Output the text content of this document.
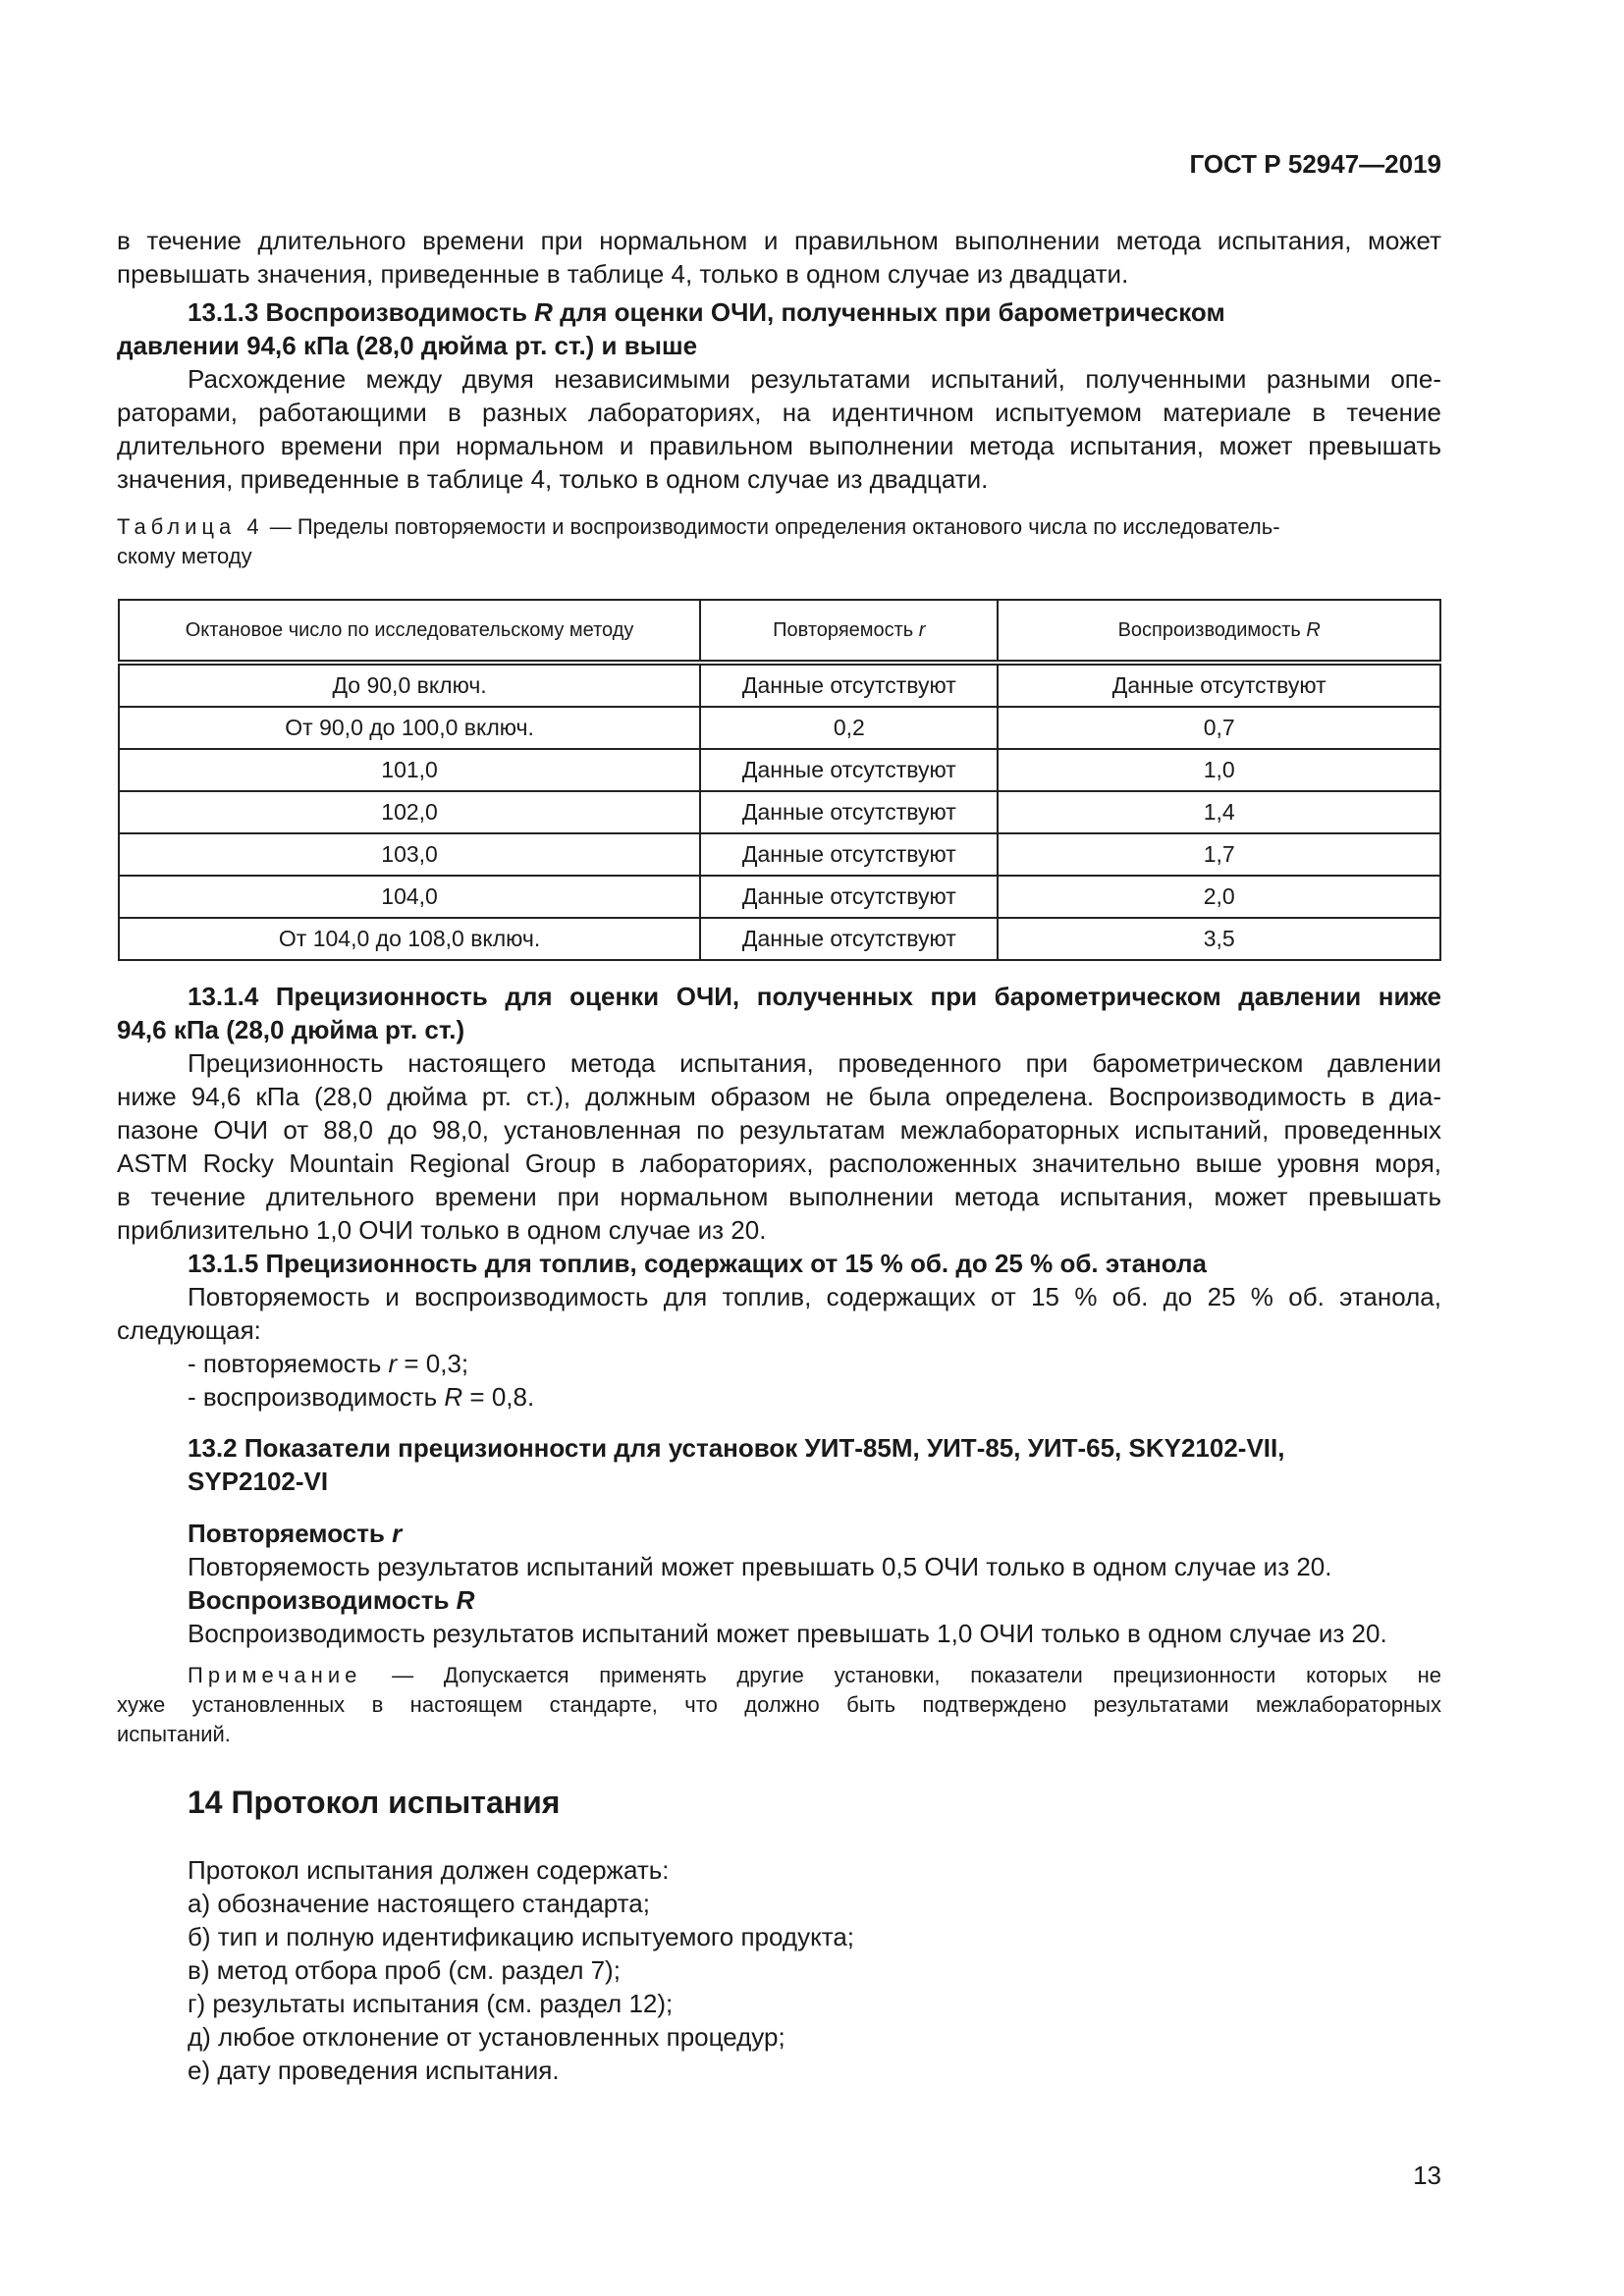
ГОСТ Р 52947—2019
в течение длительного времени при нормальном и правильном выполнении метода испытания, может
превышать значения, приведенные в таблице 4, только в одном случае из двадцати.
13.1.3 Воспроизводимость R для оценки ОЧИ, полученных при барометрическом
давлении 94,6 кПа (28,0 дюйма рт. ст.) и выше
Расхождение между двумя независимыми результатами испытаний, полученными разными опе-
раторами, работающими в разных лабораториях, на идентичном испытуемом материале в течение
длительного времени при нормальном и правильном выполнении метода испытания, может превышать
значения, приведенные в таблице 4, только в одном случае из двадцати.
Таблица 4 — Пределы повторяемости и воспроизводимости определения октанового числа по исследователь-
скому методу
Октановое число по исследовательскому методу	Повторяемость r	Воспроизводимость R
До 90,0 включ.	Данные отсутствуют	Данные отсутствуют
От 90,0 до 100,0 включ.	0,2	0,7
101,0	Данные отсутствуют	1,0
102,0	Данные отсутствуют	1,4
103,0	Данные отсутствуют	1,7
104,0	Данные отсутствуют	2,0
От 104,0 до 108,0 включ.	Данные отсутствуют	3,5
13.1.4 Прецизионность для оценки ОЧИ, полученных при барометрическом давлении ниже
94,6 кПа (28,0 дюйма рт. ст.)
Прецизионность настоящего метода испытания, проведенного при барометрическом давлении
ниже 94,6 кПа (28,0 дюйма рт. ст.), должным образом не была определена. Воспроизводимость в диа-
пазоне ОЧИ от 88,0 до 98,0, установленная по результатам межлабораторных испытаний, проведенных
ASTM Rocky Mountain Regional Group в лабораториях, расположенных значительно выше уровня моря,
в течение длительного времени при нормальном выполнении метода испытания, может превышать
приблизительно 1,0 ОЧИ только в одном случае из 20.
13.1.5 Прецизионность для топлив, содержащих от 15 % об. до 25 % об. этанола
Повторяемость и воспроизводимость для топлив, содержащих от 15 % об. до 25 % об. этанола,
следующая:
- повторяемость r = 0,3;
- воспроизводимость R = 0,8.
13.2 Показатели прецизионности для установок УИТ-85М, УИТ-85, УИТ-65, SKY2102-VII,
SYP2102-VI
Повторяемость r
Повторяемость результатов испытаний может превышать 0,5 ОЧИ только в одном случае из 20.
Воспроизводимость R
Воспроизводимость результатов испытаний может превышать 1,0 ОЧИ только в одном случае из 20.
Примечание — Допускается применять другие установки, показатели прецизионности которых не
хуже установленных в настоящем стандарте, что должно быть подтверждено результатами межлабораторных
испытаний.
14 Протокол испытания
Протокол испытания должен содержать:
а) обозначение настоящего стандарта;
б) тип и полную идентификацию испытуемого продукта;
в) метод отбора проб (см. раздел 7);
г) результаты испытания (см. раздел 12);
д) любое отклонение от установленных процедур;
е) дату проведения испытания.
13
